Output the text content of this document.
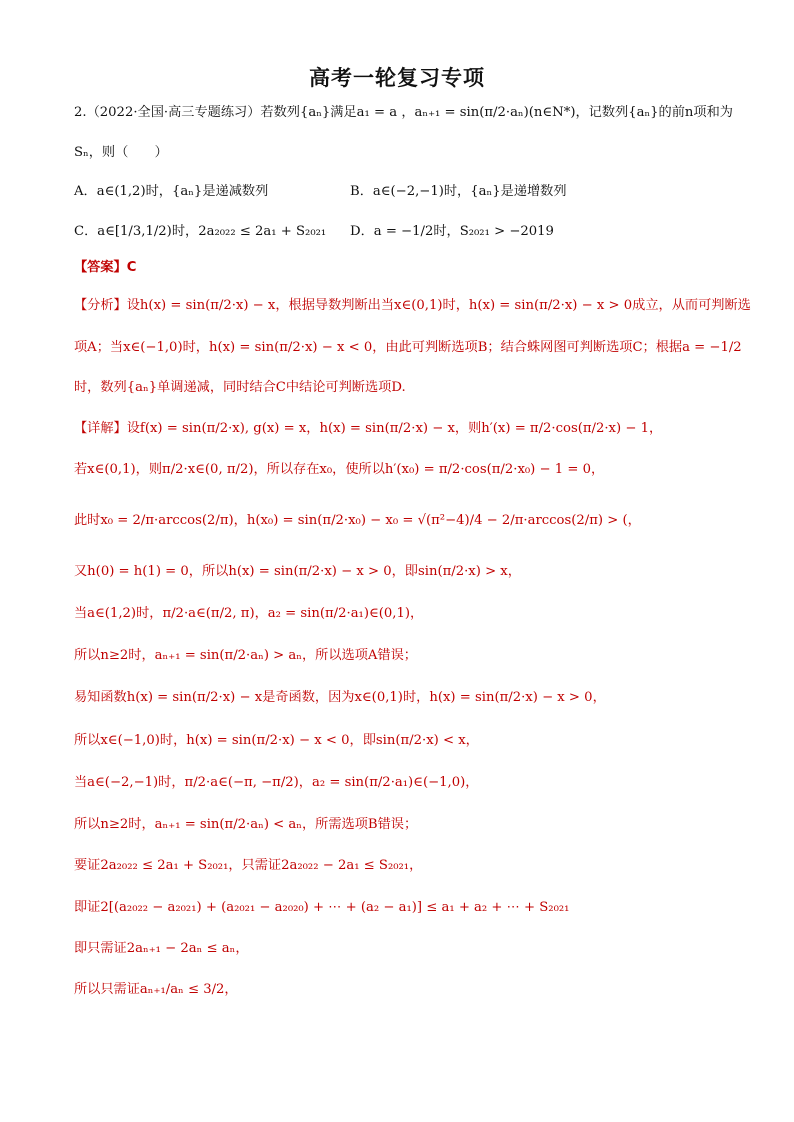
高考一轮复习专项
2.（2022·全国·高三专题练习）若数列{aₙ}满足a₁ = a ，aₙ₊₁ = sin(π/2·aₙ)(n∈N*)，记数列{aₙ}的前n项和为
Sₙ，则（　　）
A．a∈(1,2)时，{aₙ}是递减数列	B．a∈(−2,−1)时，{aₙ}是递增数列
C．a∈[1/3,1/2)时，2a₂₀₂₂ ≤ 2a₁ + S₂₀₂₁ D．a = −1/2时，S₂₀₂₁ > −2019
【答案】C
【分析】设h(x) = sin(π/2·x) − x，根据导数判断出当x∈(0,1)时，h(x) = sin(π/2·x) − x > 0成立，从而可判断选
项A；当x∈(−1,0)时，h(x) = sin(π/2·x) − x < 0，由此可判断选项B；结合蛛网图可判断选项C；根据a = −1/2
时，数列{aₙ}单调递减，同时结合C中结论可判断选项D.
【详解】设f(x) = sin(π/2·x), g(x) = x，h(x) = sin(π/2·x) − x，则h′(x) = π/2·cos(π/2·x) − 1，
若x∈(0,1)，则π/2·x∈(0, π/2)，所以存在x₀，使所以h′(x₀) = π/2·cos(π/2·x₀) − 1 = 0，
此时x₀ = 2/π·arccos(2/π)，h(x₀) = sin(π/2·x₀) − x₀ = √(π²−4)/4 − 2/π·arccos(2/π) > (，
又h(0) = h(1) = 0，所以h(x) = sin(π/2·x) − x > 0，即sin(π/2·x) > x，
当a∈(1,2)时，π/2·a∈(π/2, π)，a₂ = sin(π/2·a₁)∈(0,1)，
所以n≥2时，aₙ₊₁ = sin(π/2·aₙ) > aₙ，所以选项A错误；
易知函数h(x) = sin(π/2·x) − x是奇函数，因为x∈(0,1)时，h(x) = sin(π/2·x) − x > 0，
所以x∈(−1,0)时，h(x) = sin(π/2·x) − x < 0，即sin(π/2·x) < x，
当a∈(−2,−1)时，π/2·a∈(−π, −π/2)，a₂ = sin(π/2·a₁)∈(−1,0)，
所以n≥2时，aₙ₊₁ = sin(π/2·aₙ) < aₙ，所需选项B错误；
要证2a₂₀₂₂ ≤ 2a₁ + S₂₀₂₁，只需证2a₂₀₂₂ − 2a₁ ≤ S₂₀₂₁，
即证2[(a₂₀₂₂ − a₂₀₂₁) + (a₂₀₂₁ − a₂₀₂₀) + ⋯ + (a₂ − a₁)] ≤ a₁ + a₂ + ⋯ + S₂₀₂₁
即只需证2aₙ₊₁ − 2aₙ ≤ aₙ，
所以只需证aₙ₊₁/aₙ ≤ 3/2，
